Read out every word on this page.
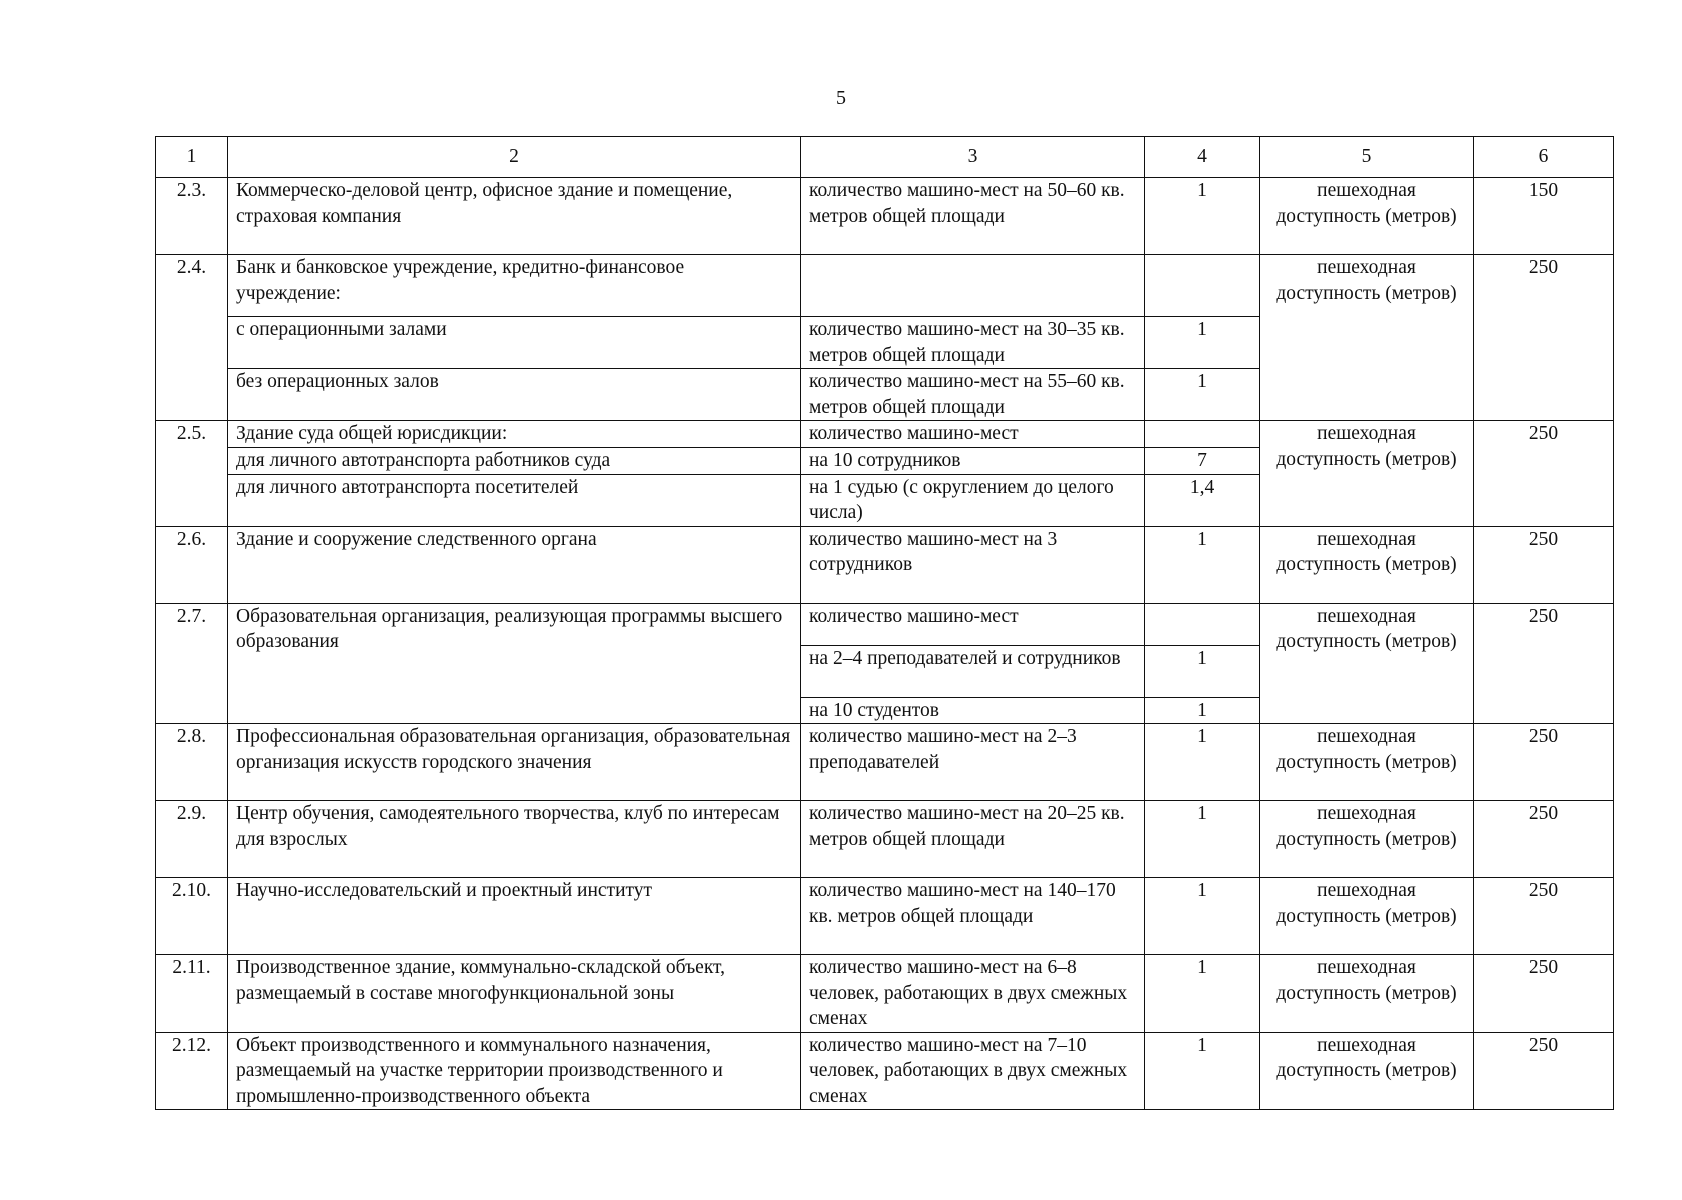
5
1	2	3	4	5	6
2.3.	Коммерческо-деловой центр, офисное здание и помещение, страховая компания	количество машино-мест на 50–60 кв. метров общей площади	1	пешеходная доступность (метров)	150
2.4.	Банк и банковское учреждение, кредитно-финансовое учреждение:			пешеходная доступность (метров)	250
	с операционными залами	количество машино-мест на 30–35 кв. метров общей площади	1		
	без операционных залов	количество машино-мест на 55–60 кв. метров общей площади	1		
2.5.	Здание суда общей юрисдикции:	количество машино-мест		пешеходная доступность (метров)	250
	для личного автотранспорта работников суда	на 10 сотрудников	7		
	для личного автотранспорта посетителей	на 1 судью (с округлением до целого числа)	1,4		
2.6.	Здание и сооружение следственного органа	количество машино-мест на 3 сотрудников	1	пешеходная доступность (метров)	250
2.7.	Образовательная организация, реализующая программы высшего образования	количество машино-мест		пешеходная доступность (метров)	250
		на 2–4 преподавателей и сотрудников	1		
		на 10 студентов	1		
2.8.	Профессиональная образовательная организация, образовательная организация искусств городского значения	количество машино-мест на 2–3 преподавателей	1	пешеходная доступность (метров)	250
2.9.	Центр обучения, самодеятельного творчества, клуб по интересам для взрослых	количество машино-мест на 20–25 кв. метров общей площади	1	пешеходная доступность (метров)	250
2.10.	Научно-исследовательский и проектный институт	количество машино-мест на 140–170 кв. метров общей площади	1	пешеходная доступность (метров)	250
2.11.	Производственное здание, коммунально-складской объект, размещаемый в составе многофункциональной зоны	количество машино-мест на 6–8 человек, работающих в двух смежных сменах	1	пешеходная доступность (метров)	250
2.12.	Объект производственного и коммунального назначения, размещаемый на участке территории производственного и промышленно-производственного объекта	количество машино-мест на 7–10 человек, работающих в двух смежных сменах	1	пешеходная доступность (метров)	250
